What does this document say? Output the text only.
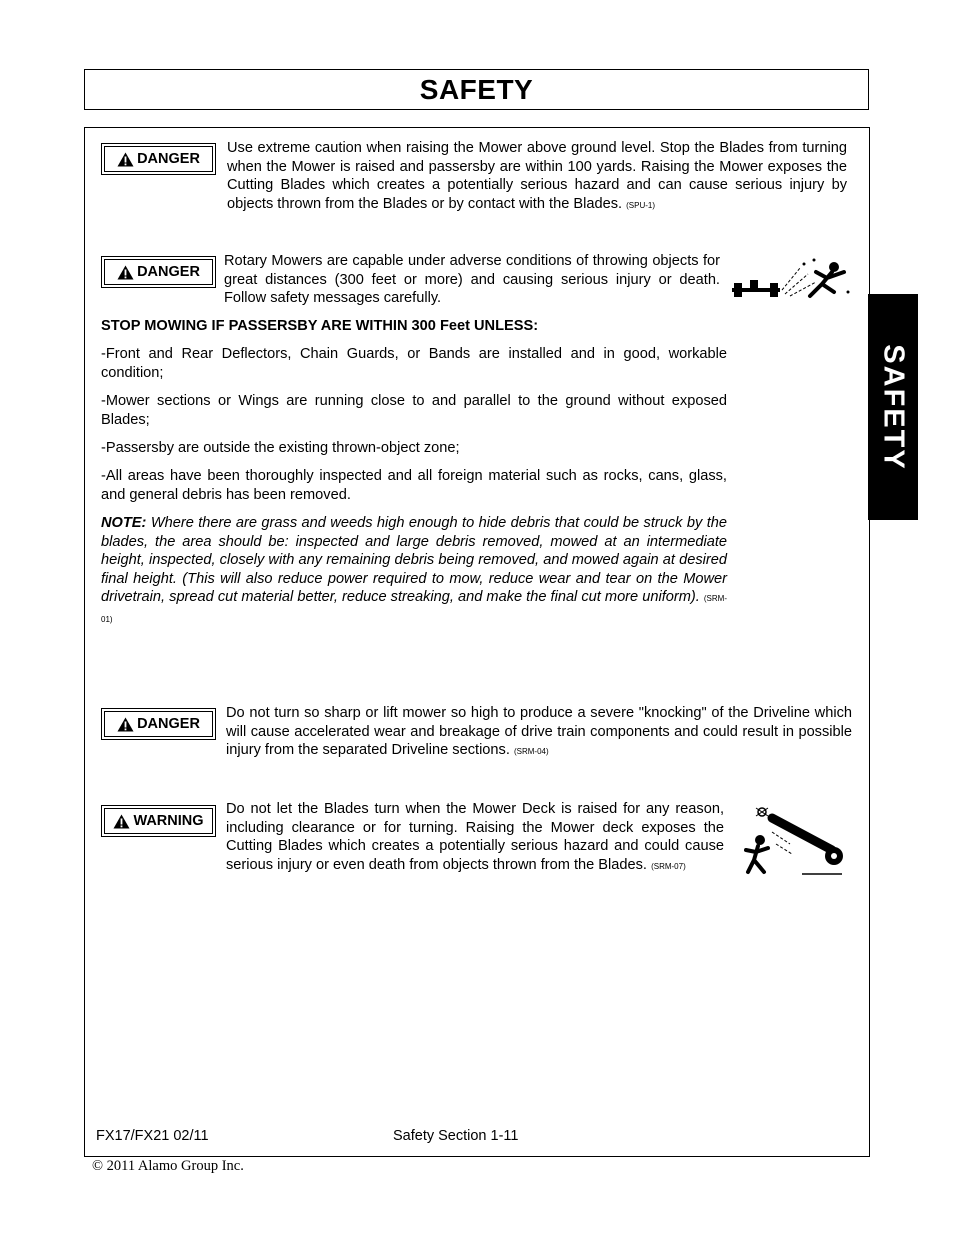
SAFETY
SAFETY
DANGER
Use extreme caution when raising the Mower above ground level. Stop the Blades from turning when the Mower is raised and passersby are within 100 yards. Raising the Mower exposes the Cutting Blades which creates a potentially serious hazard and can cause serious injury by objects thrown from the Blades or by contact with the Blades. (SPU-1)
DANGER
Rotary Mowers are capable under adverse conditions of throwing objects for great distances (300 feet or more) and causing serious injury or death. Follow safety messages carefully.
STOP MOWING IF PASSERSBY ARE WITHIN 300 Feet UNLESS:
-Front and Rear Deflectors, Chain Guards, or Bands are installed and in good, workable condition;
-Mower sections or Wings are running close to and parallel to the ground without exposed Blades;
-Passersby are outside the existing thrown-object zone;
-All areas have been thoroughly inspected and all foreign material such as rocks, cans, glass, and general debris has been removed.
NOTE: Where there are grass and weeds high enough to hide debris that could be struck by the blades, the area should be: inspected and large debris removed, mowed at an intermediate height, inspected, closely with any remaining debris being removed, and mowed again at desired final height. (This will also reduce power required to mow, reduce wear and tear on the Mower drivetrain, spread cut material better, reduce streaking, and make the final cut more uniform). (SRM-01)
DANGER
Do not turn so sharp or lift mower so high to produce a severe "knocking" of the Driveline which will cause accelerated wear and breakage of drive train components and could result in possible injury from the separated Driveline sections. (SRM-04)
WARNING
Do not let the Blades turn when the Mower Deck is raised for any reason, including clearance or for turning. Raising the Mower deck exposes the Cutting Blades which creates a potentially serious hazard and could cause serious injury or even death from objects thrown from the Blades. (SRM-07)
FX17/FX21 02/11	Safety Section 1-11
© 2011 Alamo Group Inc.
